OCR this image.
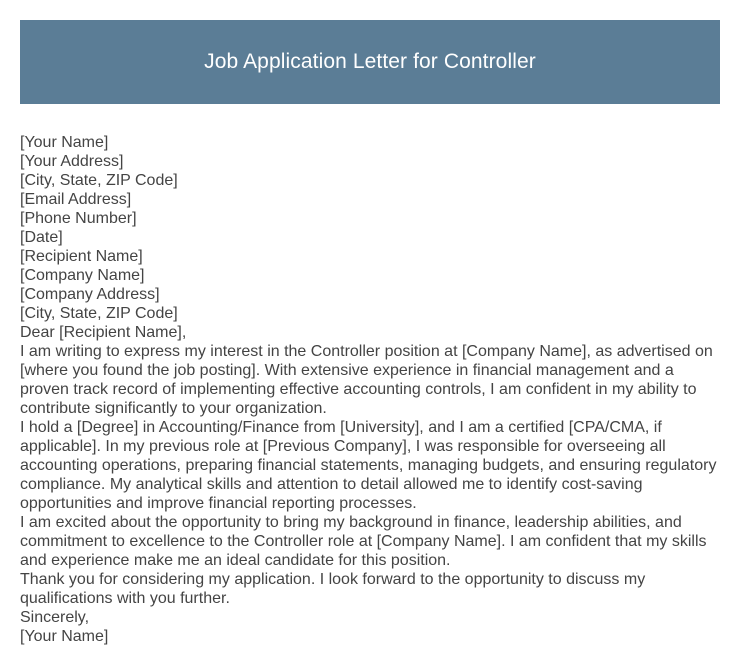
Job Application Letter for Controller

[Your Name]

[Your Address]

[City, State, ZIP Code]

[Email Address]

[Phone Number]

[Date]

[Recipient Name]

[Company Name]

[Company Address]

[City, State, ZIP Code]

Dear [Recipient Name],

I am writing to express my interest in the Controller position at [Company Name], as advertised on [where you found the job posting]. With extensive experience in financial management and a proven track record of implementing effective accounting controls, I am confident in my ability to contribute significantly to your organization.

I hold a [Degree] in Accounting/Finance from [University], and I am a certified [CPA/CMA, if applicable]. In my previous role at [Previous Company], I was responsible for overseeing all accounting operations, preparing financial statements, managing budgets, and ensuring regulatory compliance. My analytical skills and attention to detail allowed me to identify cost-saving opportunities and improve financial reporting processes.

I am excited about the opportunity to bring my background in finance, leadership abilities, and commitment to excellence to the Controller role at [Company Name]. I am confident that my skills and experience make me an ideal candidate for this position.

Thank you for considering my application. I look forward to the opportunity to discuss my qualifications with you further.

Sincerely,

[Your Name]
